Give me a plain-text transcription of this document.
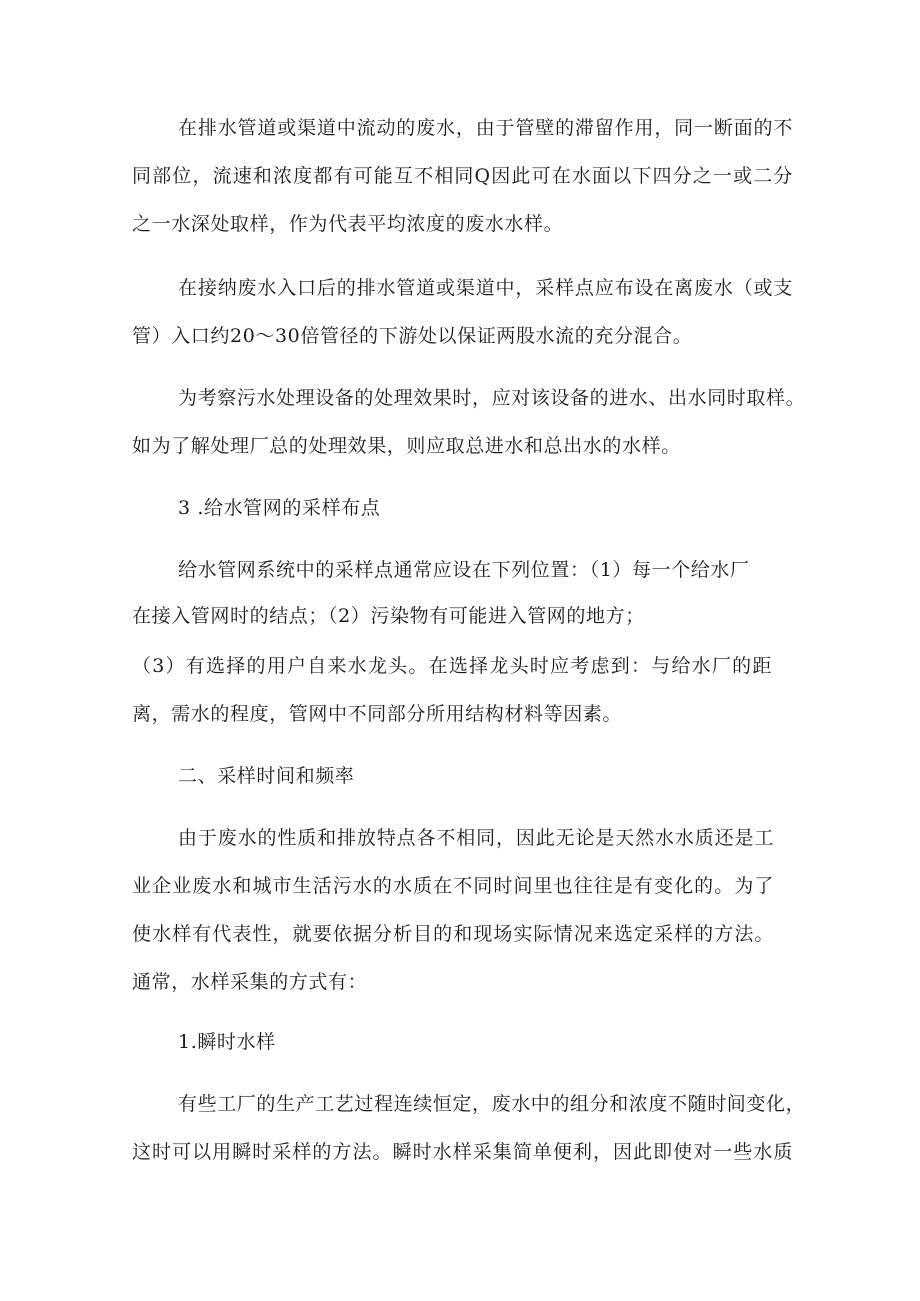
在排水管道或渠道中流动的废水，由于管壁的滞留作用，同一断面的不
同部位，流速和浓度都有可能互不相同Q因此可在水面以下四分之一或二分
之一水深处取样，作为代表平均浓度的废水水样。
在接纳废水入口后的排水管道或渠道中，采样点应布设在离废水（或支
管）入口约20～30倍管径的下游处以保证两股水流的充分混合。
为考察污水处理设备的处理效果时，应对该设备的进水、出水同时取样。
如为了解处理厂总的处理效果，则应取总进水和总出水的水样。
3 .给水管网的采样布点
给水管网系统中的采样点通常应设在下列位置：（1）每一个给水厂
在接入管网时的结点；（2）污染物有可能进入管网的地方；
（3）有选择的用户自来水龙头。在选择龙头时应考虑到：与给水厂的距
离，需水的程度，管网中不同部分所用结构材料等因素。
二、采样时间和频率
由于废水的性质和排放特点各不相同，因此无论是天然水水质还是工
业企业废水和城市生活污水的水质在不同时间里也往往是有变化的。为了
使水样有代表性，就要依据分析目的和现场实际情况来选定采样的方法。
通常，水样采集的方式有：
1.瞬时水样
有些工厂的生产工艺过程连续恒定，废水中的组分和浓度不随时间变化，
这时可以用瞬时采样的方法。瞬时水样采集简单便利，因此即使对一些水质
